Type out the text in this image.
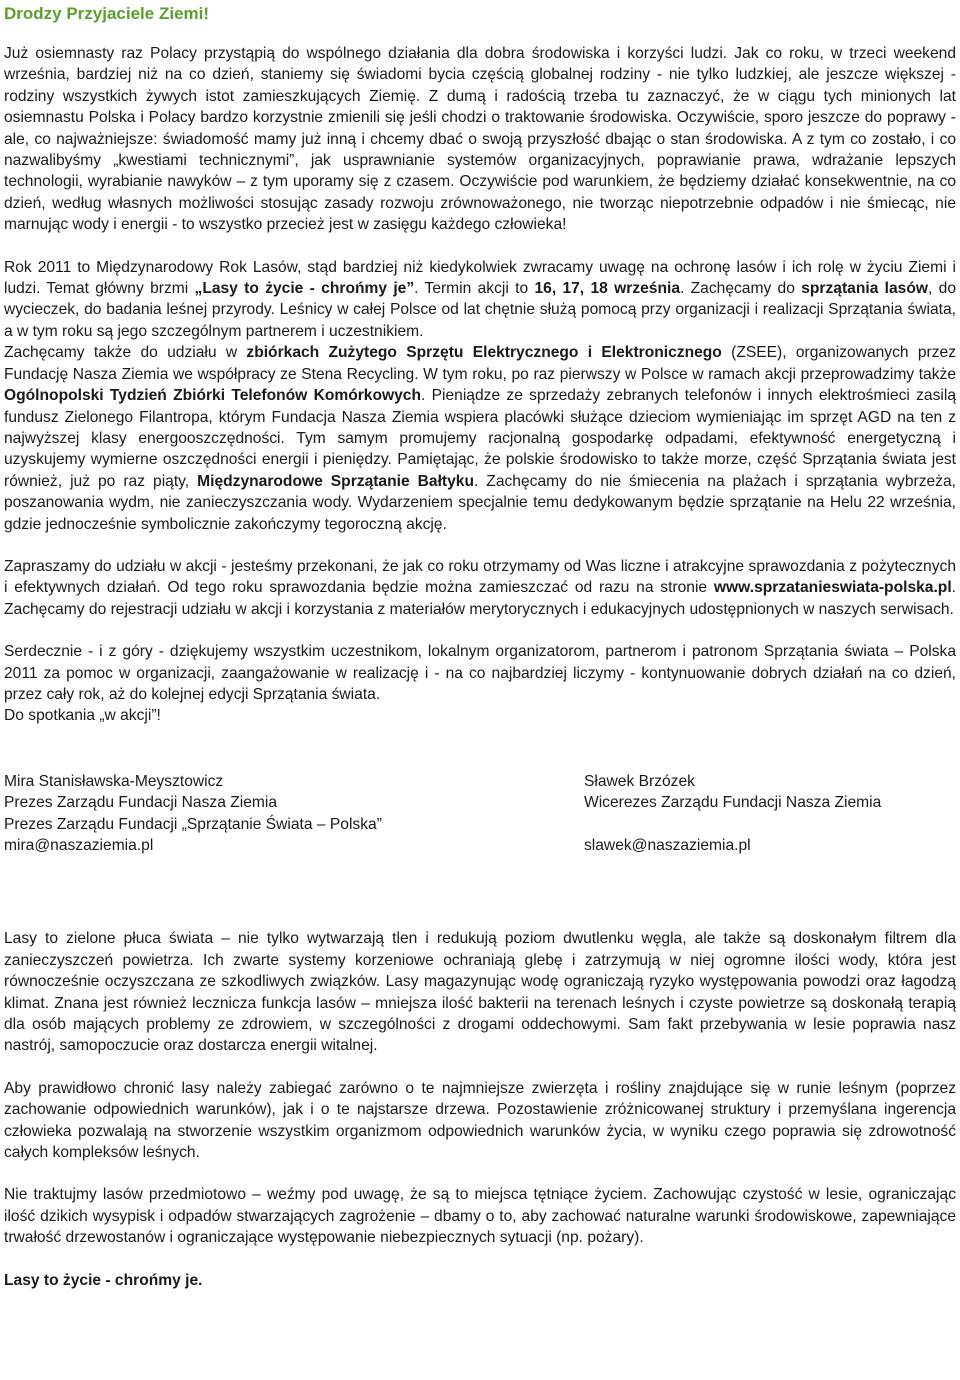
Drodzy Przyjaciele Ziemi!

Już osiemnasty raz Polacy przystąpią do wspólnego działania dla dobra środowiska i korzyści ludzi. Jak co roku, w trzeci weekend września, bardziej niż na co dzień, staniemy się świadomi bycia częścią globalnej rodziny - nie tylko ludzkiej, ale jeszcze większej - rodziny wszystkich żywych istot zamieszkujących Ziemię. Z dumą i radością trzeba tu zaznaczyć, że w ciągu tych minionych lat osiemnastu Polska i Polacy bardzo korzystnie zmienili się jeśli chodzi o traktowanie środowiska. Oczywiście, sporo jeszcze do poprawy - ale, co najważniejsze: świadomość mamy już inną i chcemy dbać o swoją przyszłość dbając o stan środowiska. A z tym co zostało, i co nazwalibyśmy „kwestiami technicznymi”, jak usprawnianie systemów organizacyjnych, poprawianie prawa, wdrażanie lepszych technologii, wyrabianie nawyków – z tym uporamy się z czasem. Oczywiście pod warunkiem, że będziemy działać konsekwentnie, na co dzień, według własnych możliwości stosując zasady rozwoju zrównoważonego, nie tworząc niepotrzebnie odpadów i nie śmiecąc, nie marnując wody i energii - to wszystko przecież jest w zasięgu każdego człowieka!

Rok 2011 to Międzynarodowy Rok Lasów, stąd bardziej niż kiedykolwiek zwracamy uwagę na ochronę lasów i ich rolę w życiu Ziemi i ludzi. Temat główny brzmi „Lasy to życie - chrońmy je”. Termin akcji to 16, 17, 18 września. Zachęcamy do sprzątania lasów, do wycieczek, do badania leśnej przyrody. Leśnicy w całej Polsce od lat chętnie służą pomocą przy organizacji i realizacji Sprzątania świata, a w tym roku są jego szczególnym partnerem i uczestnikiem.

Zachęcamy także do udziału w zbiórkach Zużytego Sprzętu Elektrycznego i Elektronicznego (ZSEE), organizowanych przez Fundację Nasza Ziemia we współpracy ze Stena Recycling. W tym roku, po raz pierwszy w Polsce w ramach akcji przeprowadzimy także Ogólnopolski Tydzień Zbiórki Telefonów Komórkowych. Pieniądze ze sprzedaży zebranych telefonów i innych elektrośmieci zasilą fundusz Zielonego Filantropa, którym Fundacja Nasza Ziemia wspiera placówki służące dzieciom wymieniając im sprzęt AGD na ten z najwyższej klasy energooszczędności. Tym samym promujemy racjonalną gospodarkę odpadami, efektywność energetyczną i uzyskujemy wymierne oszczędności energii i pieniędzy. Pamiętając, że polskie środowisko to także morze, część Sprzątania świata jest również, już po raz piąty, Międzynarodowe Sprzątanie Bałtyku. Zachęcamy do nie śmiecenia na plażach i sprzątania wybrzeża, poszanowania wydm, nie zanieczyszczania wody. Wydarzeniem specjalnie temu dedykowanym będzie sprzątanie na Helu 22 września, gdzie jednocześnie symbolicznie zakończymy tegoroczną akcję.

Zapraszamy do udziału w akcji - jesteśmy przekonani, że jak co roku otrzymamy od Was liczne i atrakcyjne sprawozdania z pożytecznych i efektywnych działań. Od tego roku sprawozdania będzie można zamieszczać od razu na stronie www.sprzatanieswiata-polska.pl. Zachęcamy do rejestracji udziału w akcji i korzystania z materiałów merytorycznych i edukacyjnych udostępnionych w naszych serwisach.

Serdecznie - i z góry - dziękujemy wszystkim uczestnikom, lokalnym organizatorom, partnerom i patronom Sprzątania świata – Polska 2011 za pomoc w organizacji, zaangażowanie w realizację i - na co najbardziej liczymy - kontynuowanie dobrych działań na co dzień, przez cały rok, aż do kolejnej edycji Sprzątania świata.

Do spotkania „w akcji”!

Mira Stanisławska-Meysztowicz
Prezes Zarządu Fundacji Nasza Ziemia
Prezes Zarządu Fundacji „Sprzątanie Świata – Polska”
mira@naszaziemia.pl
Sławek Brzózek
Wicerezes Zarządu Fundacji Nasza Ziemia
slawek@naszaziemia.pl

Lasy to zielone płuca świata – nie tylko wytwarzają tlen i redukują poziom dwutlenku węgla, ale także są doskonałym filtrem dla zanieczyszczeń powietrza. Ich zwarte systemy korzeniowe ochraniają glebę i zatrzymują w niej ogromne ilości wody, która jest równocześnie oczyszczana ze szkodliwych związków. Lasy magazynując wodę ograniczają ryzyko występowania powodzi oraz łagodzą klimat. Znana jest również lecznicza funkcja lasów – mniejsza ilość bakterii na terenach leśnych i czyste powietrze są doskonałą terapią dla osób mających problemy ze zdrowiem, w szczególności z drogami oddechowymi. Sam fakt przebywania w lesie poprawia nasz nastrój, samopoczucie oraz dostarcza energii witalnej.

Aby prawidłowo chronić lasy należy zabiegać zarówno o te najmniejsze zwierzęta i rośliny znajdujące się w runie leśnym (poprzez zachowanie odpowiednich warunków), jak i o te najstarsze drzewa. Pozostawienie zróżnicowanej struktury i przemyślana ingerencja człowieka pozwalają na stworzenie wszystkim organizmom odpowiednich warunków życia, w wyniku czego poprawia się zdrowotność całych kompleksów leśnych.

Nie traktujmy lasów przedmiotowo – weźmy pod uwagę, że są to miejsca tętniące życiem. Zachowując czystość w lesie, ograniczając ilość dzikich wysypisk i odpadów stwarzających zagrożenie – dbamy o to, aby zachować naturalne warunki środowiskowe, zapewniające trwałość drzewostanów i ograniczające występowanie niebezpiecznych sytuacji (np. pożary).

Lasy to życie - chrońmy je.
